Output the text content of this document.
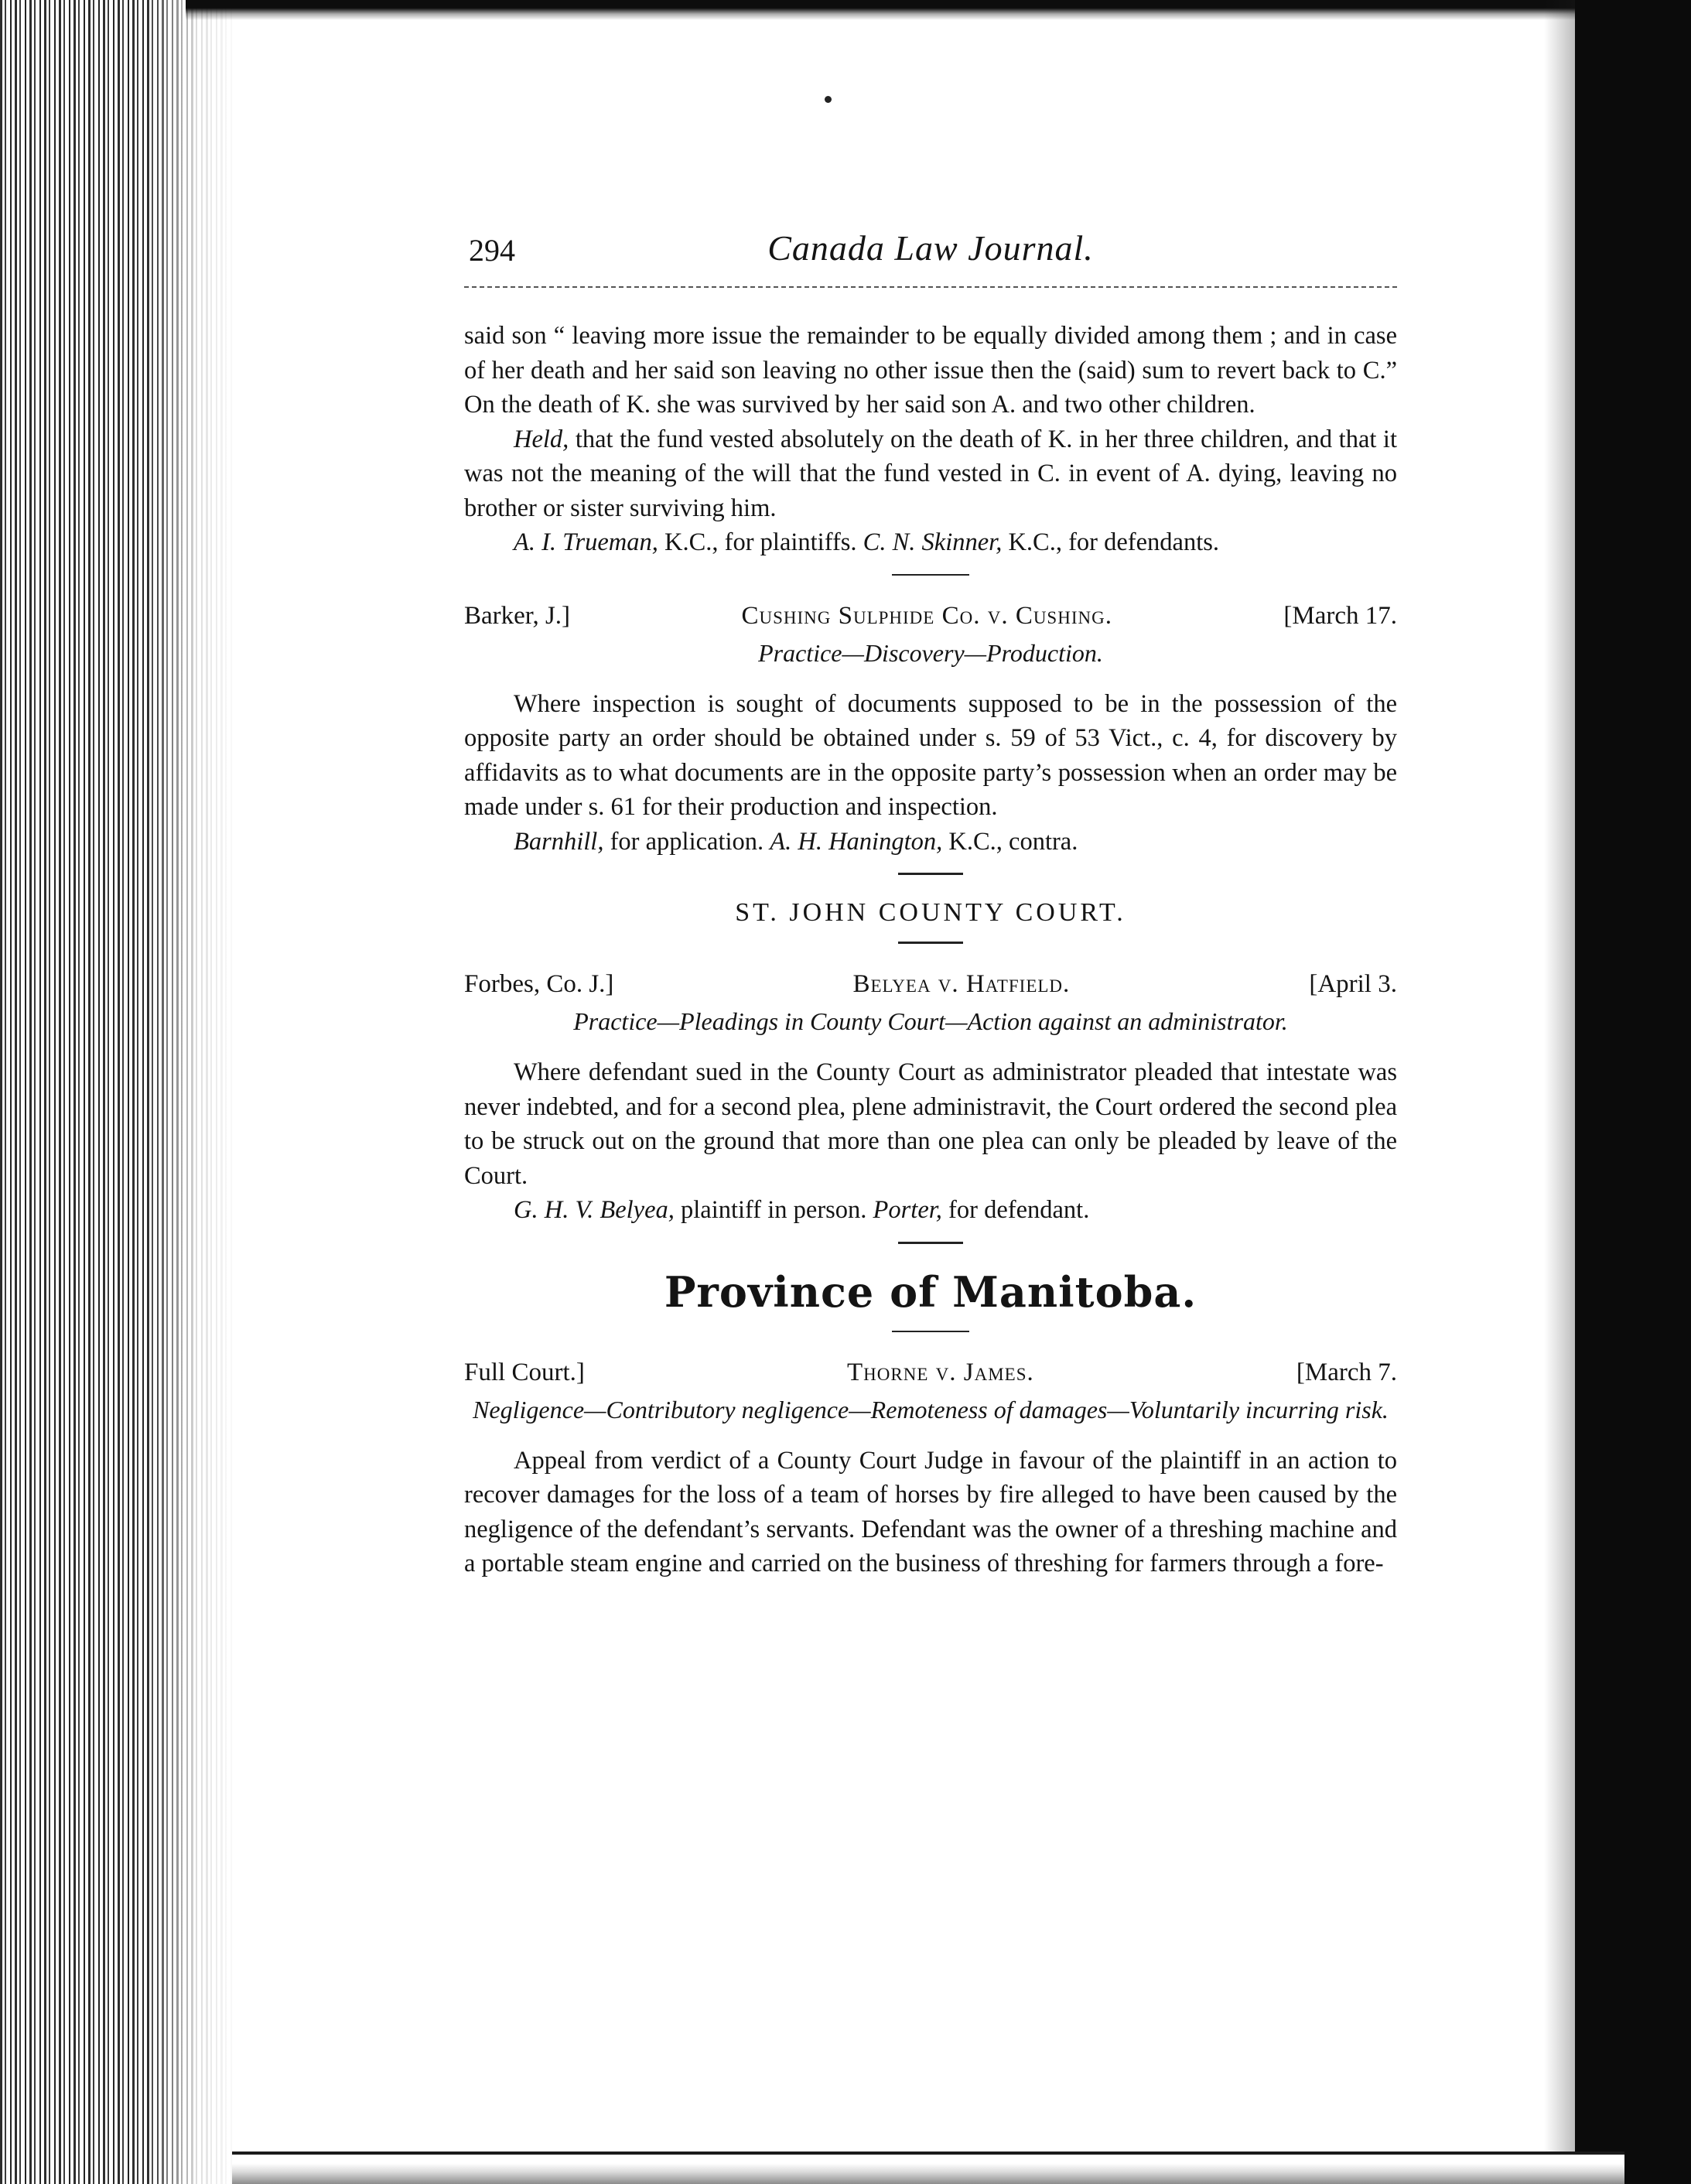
294	Canada Law Journal.

said son “ leaving more issue the remainder to be equally divided among them ; and in case of her death and her said son leaving no other issue then the (said) sum to revert back to C.” On the death of K. she was survived by her said son A. and two other children.

Held, that the fund vested absolutely on the death of K. in her three children, and that it was not the meaning of the will that the fund vested in C. in event of A. dying, leaving no brother or sister surviving him.

A. I. Trueman, K.C., for plaintiffs. C. N. Skinner, K.C., for defendants.

Barker, J.]	Cushing Sulphide Co. v. Cushing.	[March 17.
Practice—Discovery—Production.

Where inspection is sought of documents supposed to be in the possession of the opposite party an order should be obtained under s. 59 of 53 Vict., c. 4, for discovery by affidavits as to what documents are in the opposite party’s possession when an order may be made under s. 61 for their production and inspection.

Barnhill, for application. A. H. Hanington, K.C., contra.

ST. JOHN COUNTY COURT.
Forbes, Co. J.]	Belyea v. Hatfield.	[April 3.
Practice—Pleadings in County Court—Action against an administrator.

Where defendant sued in the County Court as administrator pleaded that intestate was never indebted, and for a second plea, plene administravit, the Court ordered the second plea to be struck out on the ground that more than one plea can only be pleaded by leave of the Court.

G. H. V. Belyea, plaintiff in person. Porter, for defendant.

Province of Manitoba.
Full Court.]	Thorne v. James.	[March 7.
Negligence—Contributory negligence—Remoteness of damages—Voluntarily incurring risk.

Appeal from verdict of a County Court Judge in favour of the plaintiff in an action to recover damages for the loss of a team of horses by fire alleged to have been caused by the negligence of the defendant’s servants. Defendant was the owner of a threshing machine and a portable steam engine and carried on the business of threshing for farmers through a fore-
